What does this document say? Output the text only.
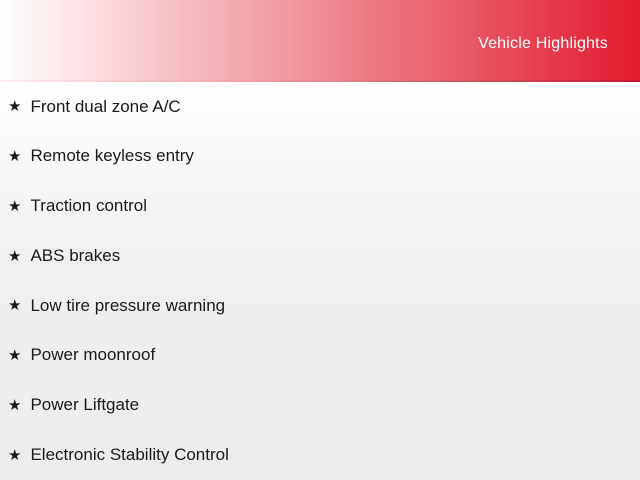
Vehicle Highlights
★ Front dual zone A/C
★ Remote keyless entry
★ Traction control
★ ABS brakes
★ Low tire pressure warning
★ Power moonroof
★ Power Liftgate
★ Electronic Stability Control
